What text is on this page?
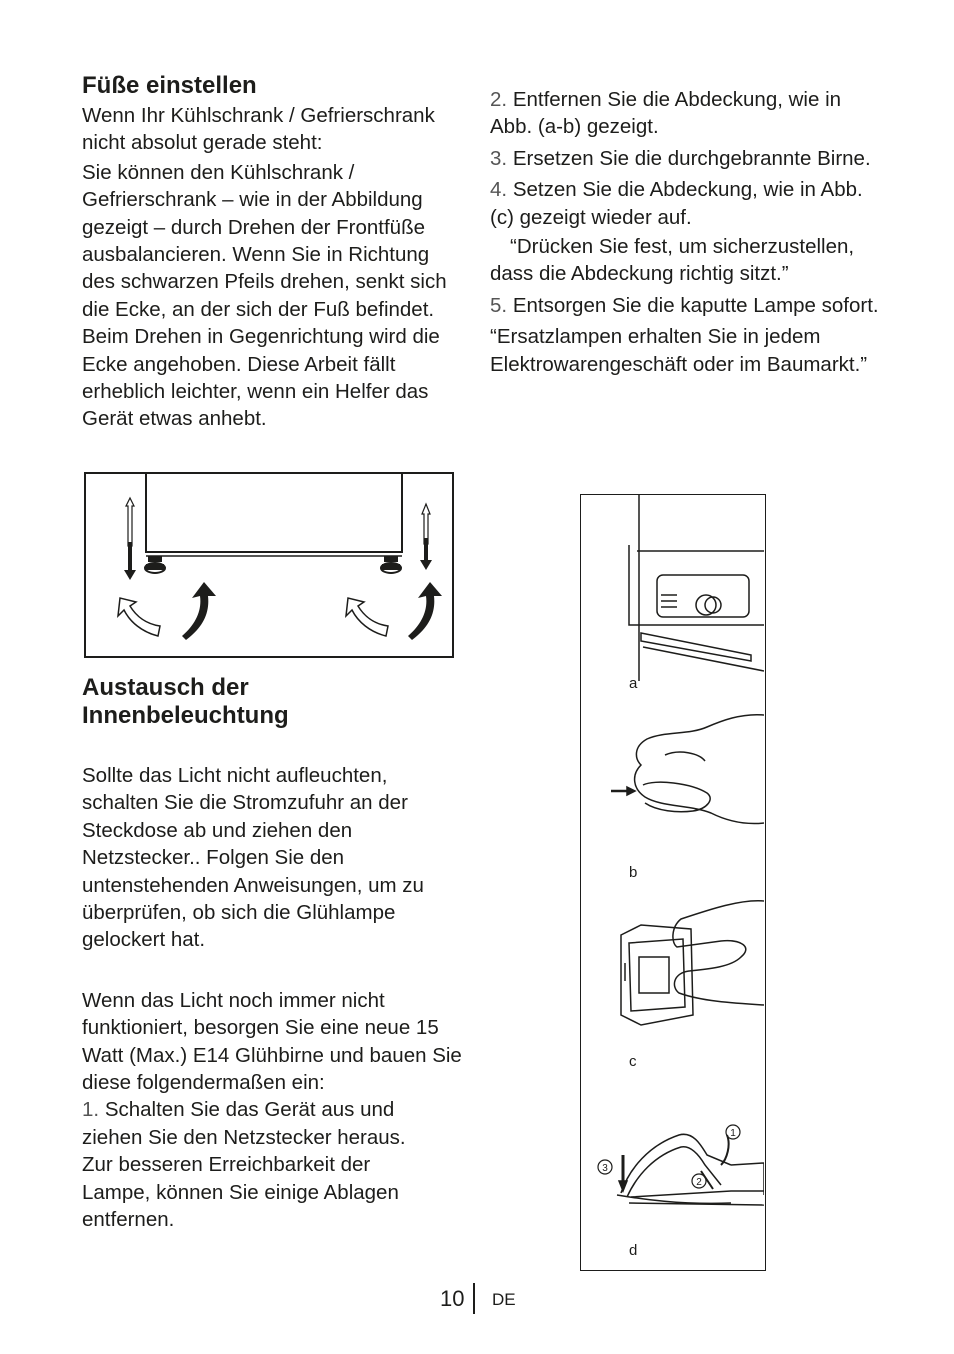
Füße einstellen

Wenn Ihr Kühlschrank / Gefrierschrank nicht absolut gerade steht:

Sie können den Kühlschrank / Gefrierschrank – wie in der Abbildung gezeigt – durch Drehen der Frontfüße ausbalancieren. Wenn Sie in Richtung des schwarzen Pfeils drehen, senkt sich die Ecke, an der sich der Fuß befindet. Beim Drehen in Gegenrichtung wird die Ecke angehoben. Diese Arbeit fällt erheblich leichter, wenn ein Helfer das Gerät etwas anhebt.

Austausch der
Innenbeleuchtung

Sollte das Licht nicht aufleuchten, schalten Sie die Stromzufuhr an der Steckdose ab und ziehen den Netzstecker.. Folgen Sie den untenstehenden Anweisungen, um zu überprüfen, ob sich die Glühlampe gelockert hat.

Wenn das Licht noch immer nicht funktioniert, besorgen Sie eine neue 15 Watt (Max.) E14 Glühbirne und bauen Sie diese folgendermaßen ein:

1. Schalten Sie das Gerät aus und ziehen Sie den Netzstecker heraus. Zur besseren Erreichbarkeit der Lampe, können Sie einige Ablagen entfernen.

2. Entfernen Sie die Abdeckung, wie in Abb. (a-b) gezeigt.

3. Ersetzen Sie die durchgebrannte Birne.

4. Setzen Sie die Abdeckung, wie in Abb. (c) gezeigt wieder auf.

“Drücken Sie fest, um sicherzustellen, dass die Abdeckung richtig sitzt.”

5. Entsorgen Sie die kaputte Lampe sofort.

“Ersatzlampen erhalten Sie in jedem Elektrowarengeschäft oder im Baumarkt.”

1
2
3
a
b
c
d
10 DE
